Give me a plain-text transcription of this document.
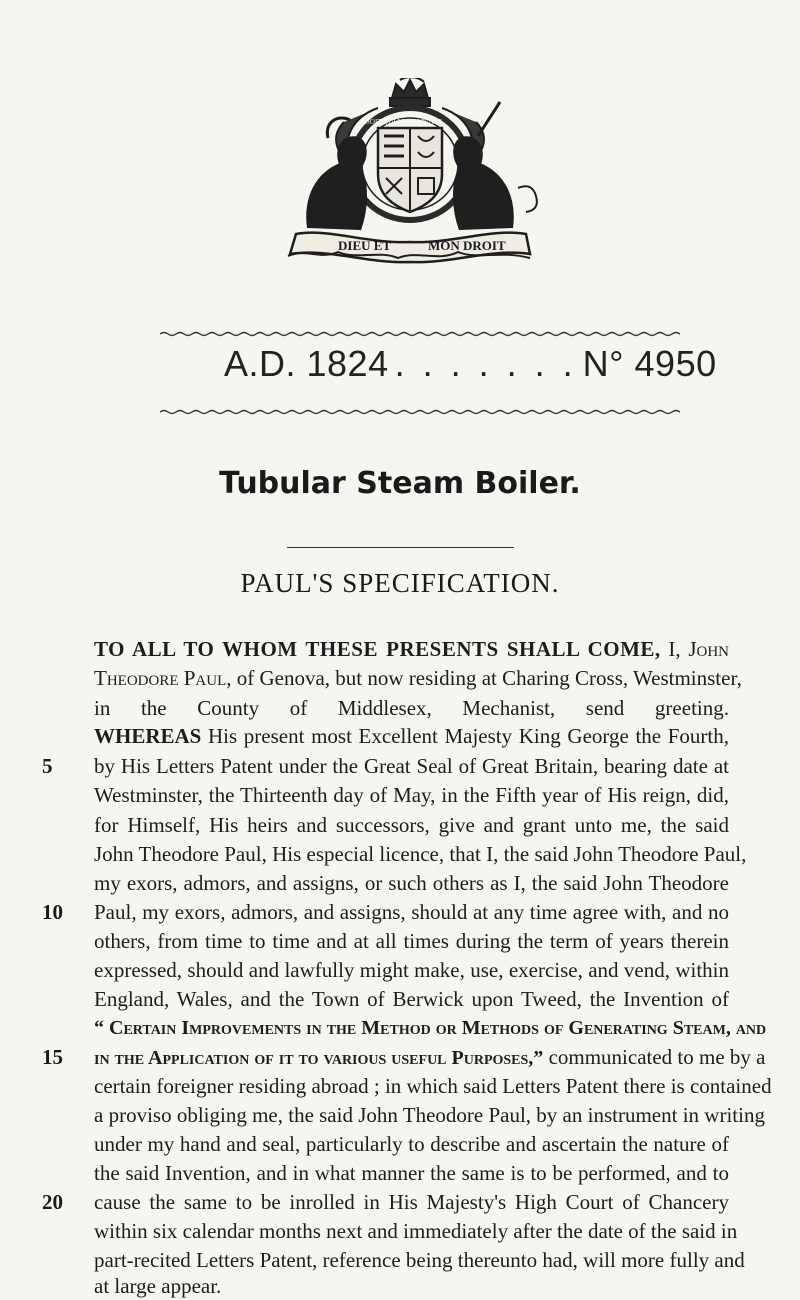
DIEU ET	MON DROIT
SOIT QUI MAL Y PENSE
A.D. 1824 . . . . . . . N° 4950
Tubular Steam Boiler.
PAUL'S SPECIFICATION.
TO ALL TO WHOM THESE PRESENTS SHALL COME, I, John
Theodore Paul, of Genova, but now residing at Charing Cross, Westminster,
in the County of Middlesex, Mechanist, send greeting.
WHEREAS His present most Excellent Majesty King George the Fourth,
5	by His Letters Patent under the Great Seal of Great Britain, bearing date at
Westminster, the Thirteenth day of May, in the Fifth year of His reign, did,
for Himself, His heirs and successors, give and grant unto me, the said
John Theodore Paul, His especial licence, that I, the said John Theodore Paul,
my exors, admors, and assigns, or such others as I, the said John Theodore
10	Paul, my exors, admors, and assigns, should at any time agree with, and no
others, from time to time and at all times during the term of years therein
expressed, should and lawfully might make, use, exercise, and vend, within
England, Wales, and the Town of Berwick upon Tweed, the Invention of
“ Certain Improvements in the Method or Methods of Generating Steam, and
15	in the Application of it to various useful Purposes,” communicated to me by a
certain foreigner residing abroad ; in which said Letters Patent there is contained
a proviso obliging me, the said John Theodore Paul, by an instrument in writing
under my hand and seal, particularly to describe and ascertain the nature of
the said Invention, and in what manner the same is to be performed, and to
20	cause the same to be inrolled in His Majesty's High Court of Chancery
within six calendar months next and immediately after the date of the said in
part-recited Letters Patent, reference being thereunto had, will more fully and
at large appear.
